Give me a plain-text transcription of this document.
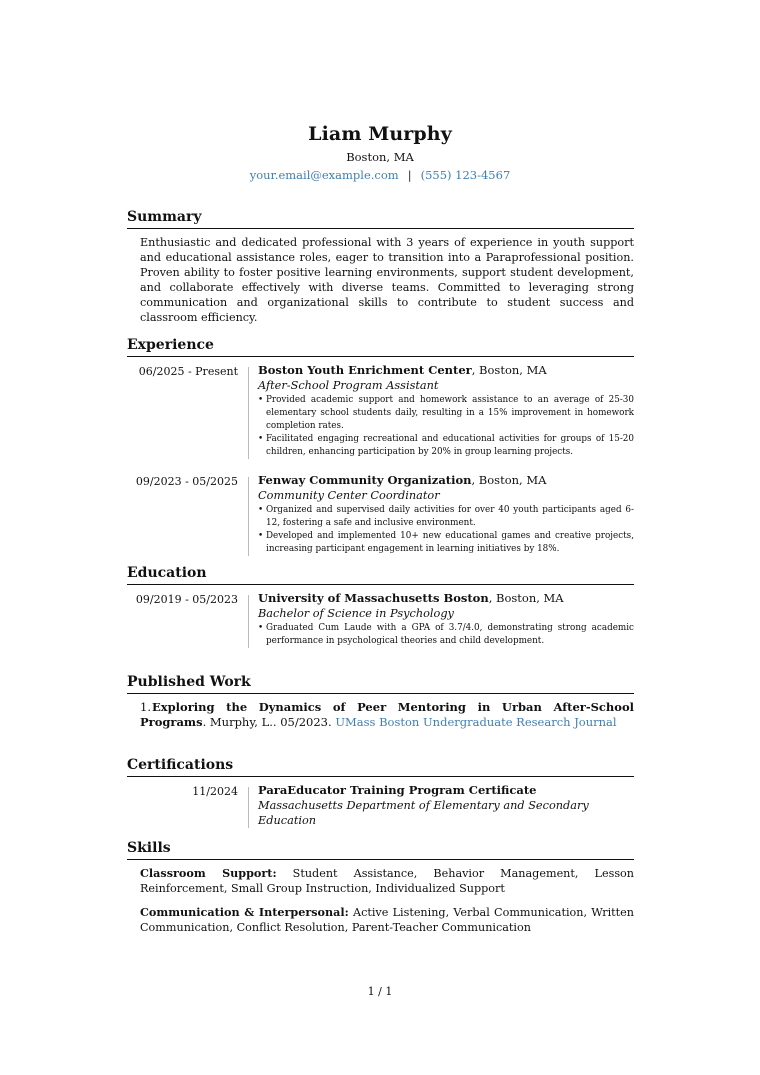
Liam Murphy
Boston, MA
your.email@example.com | (555) 123-4567
Summary
Enthusiastic and dedicated professional with 3 years of experience in youth support and educational assistance roles, eager to transition into a Paraprofessional position. Proven ability to foster positive learning environments, support student development, and collaborate effectively with diverse teams. Committed to leveraging strong communication and organizational skills to contribute to student success and classroom efficiency.
Experience
06/2025 - Present Boston Youth Enrichment Center, Boston, MA
After-School Program Assistant
• Provided academic support and homework assistance to an average of 25-30 elementary school students daily, resulting in a 15% improvement in homework completion rates.
• Facilitated engaging recreational and educational activities for groups of 15-20 children, enhancing participation by 20% in group learning projects.
09/2023 - 05/2025 Fenway Community Organization, Boston, MA
Community Center Coordinator
• Organized and supervised daily activities for over 40 youth participants aged 6-12, fostering a safe and inclusive environment.
• Developed and implemented 10+ new educational games and creative projects, increasing participant engagement in learning initiatives by 18%.
Education
09/2019 - 05/2023 University of Massachusetts Boston, Boston, MA
Bachelor of Science in Psychology
• Graduated Cum Laude with a GPA of 3.7/4.0, demonstrating strong academic performance in psychological theories and child development.
Published Work
1.Exploring the Dynamics of Peer Mentoring in Urban After-School Programs. Murphy, L.. 05/2023. UMass Boston Undergraduate Research Journal
Certifications
11/2024 ParaEducator Training Program Certificate
Massachusetts Department of Elementary and Secondary Education
Skills
Classroom Support: Student Assistance, Behavior Management, Lesson Reinforcement, Small Group Instruction, Individualized Support
Communication & Interpersonal: Active Listening, Verbal Communication, Written Communication, Conflict Resolution, Parent-Teacher Communication
1 / 1
